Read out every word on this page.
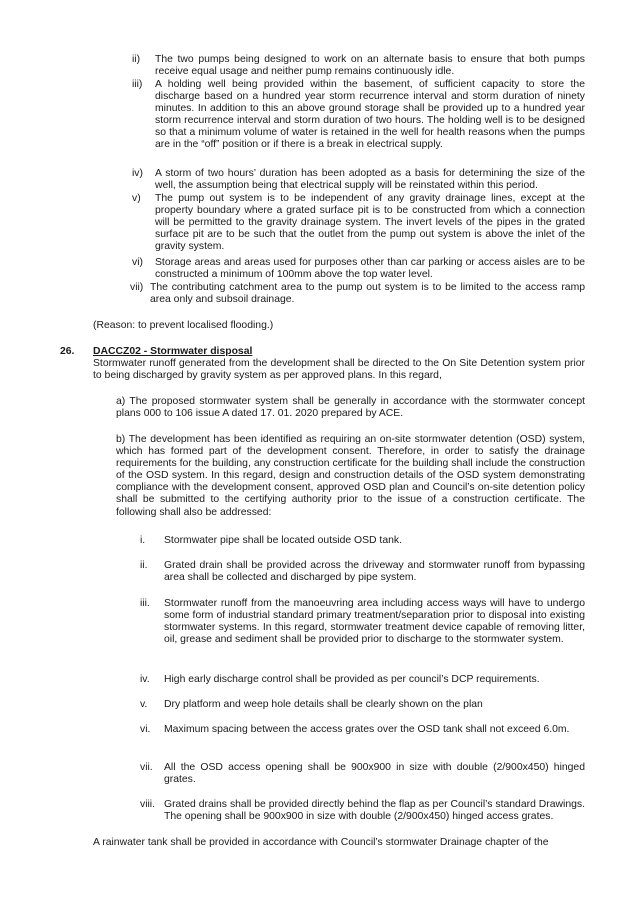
ii) The two pumps being designed to work on an alternate basis to ensure that both pumps receive equal usage and neither pump remains continuously idle.
iii) A holding well being provided within the basement, of sufficient capacity to store the discharge based on a hundred year storm recurrence interval and storm duration of ninety minutes. In addition to this an above ground storage shall be provided up to a hundred year storm recurrence interval and storm duration of two hours. The holding well is to be designed so that a minimum volume of water is retained in the well for health reasons when the pumps are in the “off” position or if there is a break in electrical supply.
iv) A storm of two hours’ duration has been adopted as a basis for determining the size of the well, the assumption being that electrical supply will be reinstated within this period.
v) The pump out system is to be independent of any gravity drainage lines, except at the property boundary where a grated surface pit is to be constructed from which a connection will be permitted to the gravity drainage system. The invert levels of the pipes in the grated surface pit are to be such that the outlet from the pump out system is above the inlet of the gravity system.
vi) Storage areas and areas used for purposes other than car parking or access aisles are to be constructed a minimum of 100mm above the top water level.
vii) The contributing catchment area to the pump out system is to be limited to the access ramp area only and subsoil drainage.
(Reason: to prevent localised flooding.)
26. DACCZ02 - Stormwater disposal
Stormwater runoff generated from the development shall be directed to the On Site Detention system prior to being discharged by gravity system as per approved plans. In this regard,
a) The proposed stormwater system shall be generally in accordance with the stormwater concept plans 000 to 106 issue A dated 17. 01. 2020 prepared by ACE.
b) The development has been identified as requiring an on-site stormwater detention (OSD) system, which has formed part of the development consent. Therefore, in order to satisfy the drainage requirements for the building, any construction certificate for the building shall include the construction of the OSD system. In this regard, design and construction details of the OSD system demonstrating compliance with the development consent, approved OSD plan and Council’s on-site detention policy shall be submitted to the certifying authority prior to the issue of a construction certificate. The following shall also be addressed:
i. Stormwater pipe shall be located outside OSD tank.
ii. Grated drain shall be provided across the driveway and stormwater runoff from bypassing area shall be collected and discharged by pipe system.
iii. Stormwater runoff from the manoeuvring area including access ways will have to undergo some form of industrial standard primary treatment/separation prior to disposal into existing stormwater systems. In this regard, stormwater treatment device capable of removing litter, oil, grease and sediment shall be provided prior to discharge to the stormwater system.
iv. High early discharge control shall be provided as per council’s DCP requirements.
v. Dry platform and weep hole details shall be clearly shown on the plan
vi. Maximum spacing between the access grates over the OSD tank shall not exceed 6.0m.
vii. All the OSD access opening shall be 900x900 in size with double (2/900x450) hinged grates.
viii. Grated drains shall be provided directly behind the flap as per Council’s standard Drawings. The opening shall be 900x900 in size with double (2/900x450) hinged access grates.
A rainwater tank shall be provided in accordance with Council’s stormwater Drainage chapter of the
